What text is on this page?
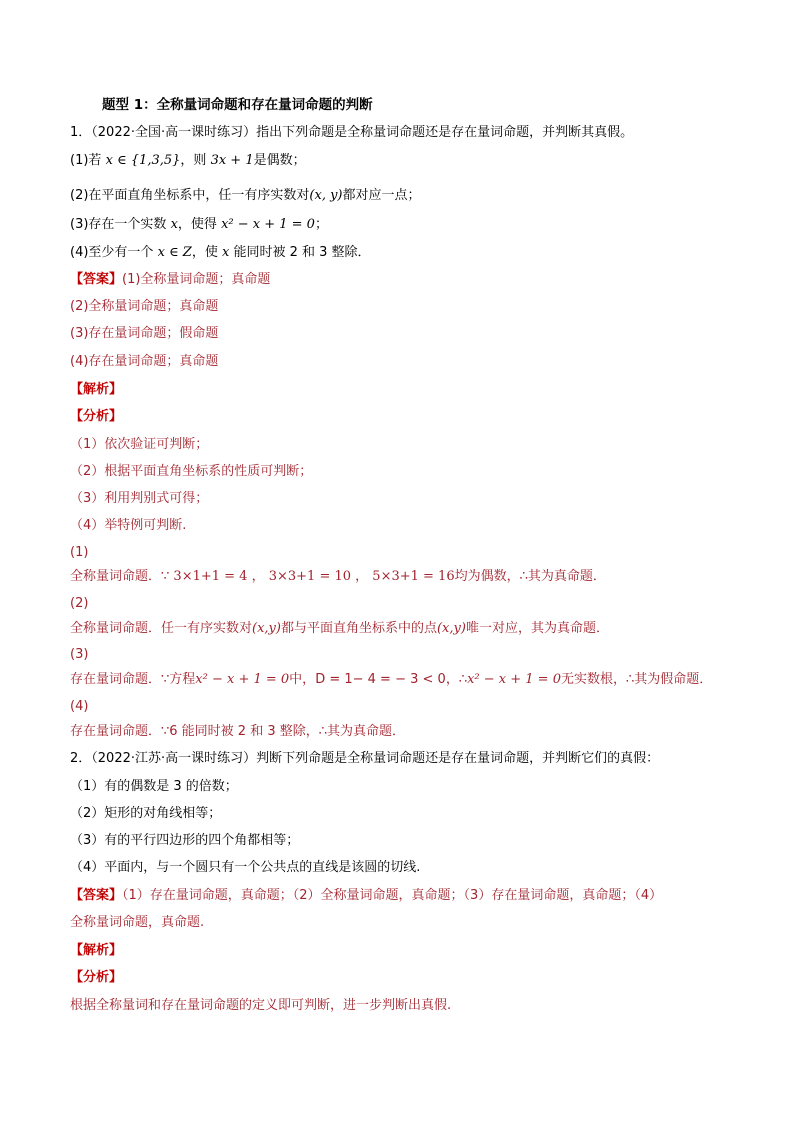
题型 1：全称量词命题和存在量词命题的判断
1．（2022·全国·高一课时练习）指出下列命题是全称量词命题还是存在量词命题，并判断其真假。
(1)若 x ∈ {1,3,5}，则 3x + 1是偶数；
(2)在平面直角坐标系中，任一有序实数对(x, y)都对应一点；
(3)存在一个实数 x，使得 x² − x + 1 = 0；
(4)至少有一个 x ∈ Z，使 x 能同时被 2 和 3 整除．
【答案】(1)全称量词命题；真命题
(2)全称量词命题；真命题
(3)存在量词命题；假命题
(4)存在量词命题；真命题
【解析】
【分析】
（1）依次验证可判断；
（2）根据平面直角坐标系的性质可判断；
（3）利用判别式可得；
（4）举特例可判断.
(1)
全称量词命题．∵ 3×1+1 = 4 ， 3×3+1 = 10 ， 5×3+1 = 16均为偶数，∴其为真命题．
(2)
全称量词命题．任一有序实数对(x,y)都与平面直角坐标系中的点(x,y)唯一对应，其为真命题．
(3)
存在量词命题．∵方程x² − x + 1 = 0中，D = 1− 4 = − 3 < 0，∴x² − x + 1 = 0无实数根，∴其为假命题．
(4)
存在量词命题．∵6 能同时被 2 和 3 整除，∴其为真命题．
2．（2022·江苏·高一课时练习）判断下列命题是全称量词命题还是存在量词命题，并判断它们的真假：
（1）有的偶数是 3 的倍数；
（2）矩形的对角线相等；
（3）有的平行四边形的四个角都相等；
（4）平面内，与一个圆只有一个公共点的直线是该圆的切线.
【答案】（1）存在量词命题，真命题；（2）全称量词命题，真命题；（3）存在量词命题，真命题；（4）
全称量词命题，真命题.
【解析】
【分析】
根据全称量词和存在量词命题的定义即可判断，进一步判断出真假.
